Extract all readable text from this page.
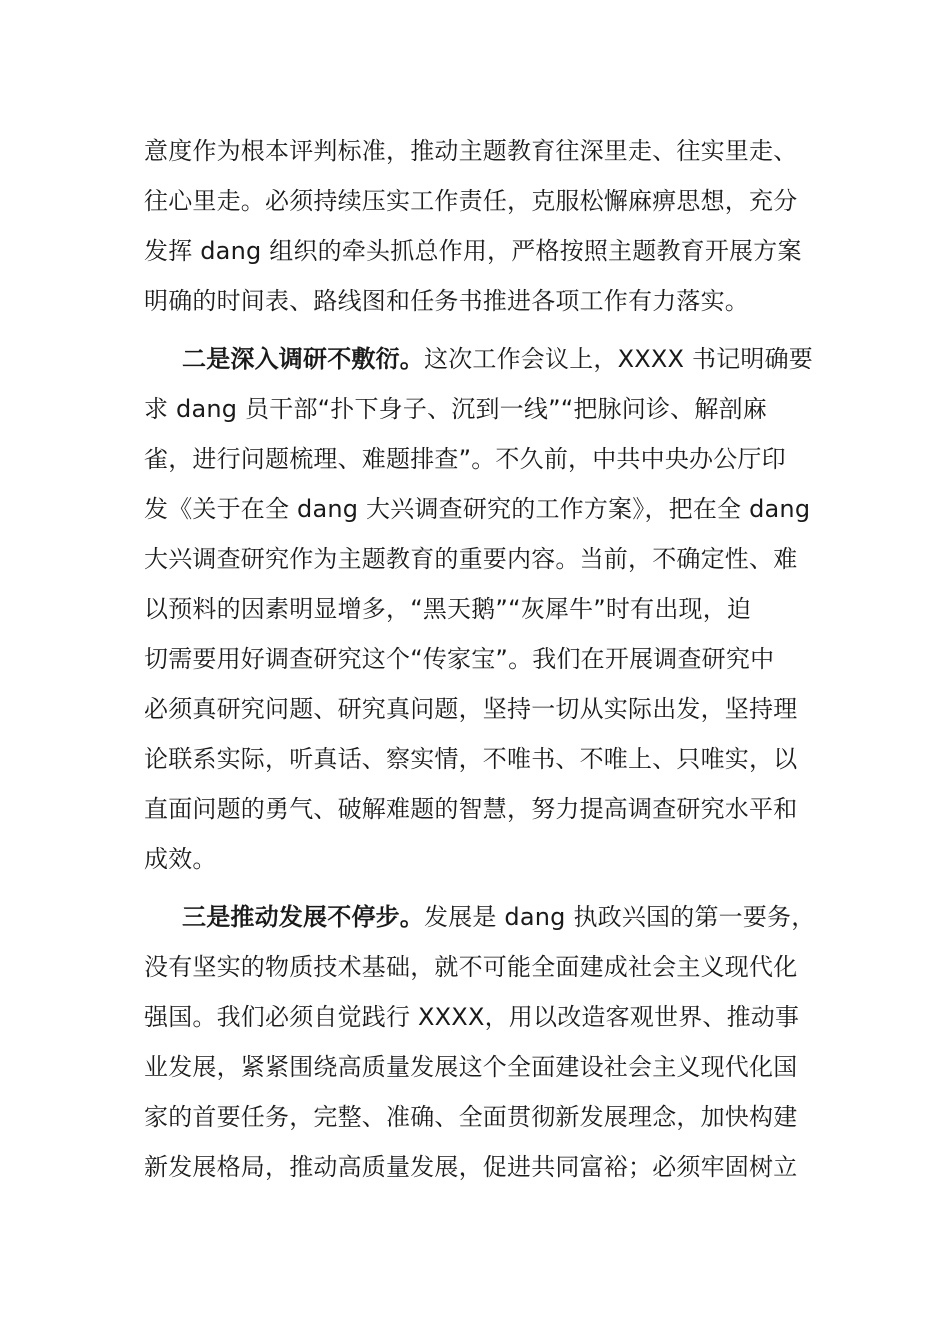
意度作为根本评判标准，推动主题教育往深里走、往实里走、
往心里走。必须持续压实工作责任，克服松懈麻痹思想，充分
发挥 dang 组织的牵头抓总作用，严格按照主题教育开展方案
明确的时间表、路线图和任务书推进各项工作有力落实。
二是深入调研不敷衍。这次工作会议上，XXXX 书记明确要
求 dang 员干部“扑下身子、沉到一线”“把脉问诊、解剖麻
雀，进行问题梳理、难题排查”。不久前，中共中央办公厅印
发《关于在全 dang 大兴调查研究的工作方案》，把在全 dang
大兴调查研究作为主题教育的重要内容。当前，不确定性、难
以预料的因素明显增多，“黑天鹅”“灰犀牛”时有出现，迫
切需要用好调查研究这个“传家宝”。我们在开展调查研究中
必须真研究问题、研究真问题，坚持一切从实际出发，坚持理
论联系实际，听真话、察实情，不唯书、不唯上、只唯实，以
直面问题的勇气、破解难题的智慧，努力提高调查研究水平和
成效。
三是推动发展不停步。发展是 dang 执政兴国的第一要务，
没有坚实的物质技术基础，就不可能全面建成社会主义现代化
强国。我们必须自觉践行 XXXX，用以改造客观世界、推动事
业发展，紧紧围绕高质量发展这个全面建设社会主义现代化国
家的首要任务，完整、准确、全面贯彻新发展理念，加快构建
新发展格局，推动高质量发展，促进共同富裕；必须牢固树立
